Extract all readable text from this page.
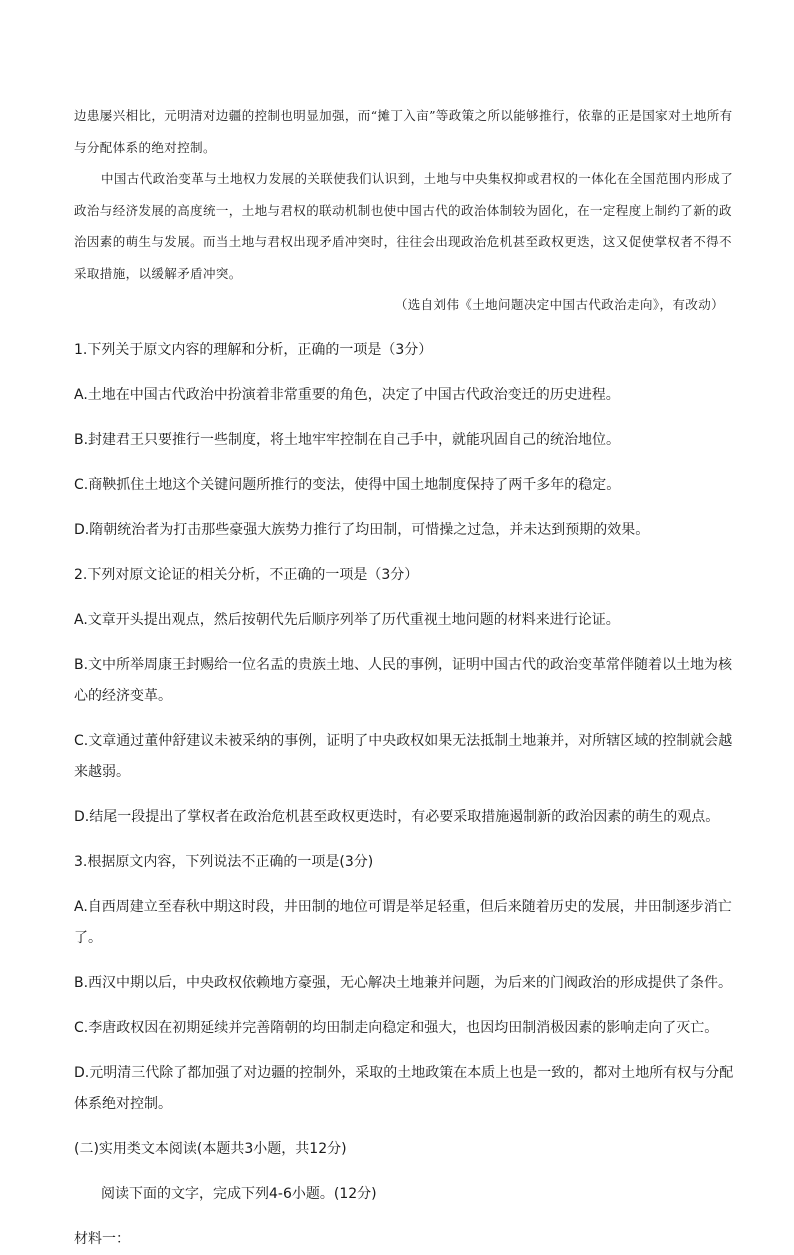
边患屡兴相比，元明清对边疆的控制也明显加强，而“摊丁入亩”等政策之所以能够推行，依靠的正是国家对土地所有与分配体系的绝对控制。

中国古代政治变革与土地权力发展的关联使我们认识到，土地与中央集权抑或君权的一体化在全国范围内形成了政治与经济发展的高度统一，土地与君权的联动机制也使中国古代的政治体制较为固化，在一定程度上制约了新的政治因素的萌生与发展。而当土地与君权出现矛盾冲突时，往往会出现政治危机甚至政权更迭，这又促使掌权者不得不采取措施，以缓解矛盾冲突。

（选自刘伟《土地问题决定中国古代政治走向》，有改动）

1.下列关于原文内容的理解和分析，正确的一项是（3分）

A.土地在中国古代政治中扮演着非常重要的角色，决定了中国古代政治变迁的历史进程。

B.封建君王只要推行一些制度，将土地牢牢控制在自己手中，就能巩固自己的统治地位。

C.商鞅抓住土地这个关键问题所推行的变法，使得中国土地制度保持了两千多年的稳定。

D.隋朝统治者为打击那些豪强大族势力推行了均田制，可惜操之过急，并未达到预期的效果。

2.下列对原文论证的相关分析，不正确的一项是（3分）

A.文章开头提出观点，然后按朝代先后顺序列举了历代重视土地问题的材料来进行论证。

B.文中所举周康王封赐给一位名盂的贵族土地、人民的事例，证明中国古代的政治变革常伴随着以土地为核心的经济变革。

C.文章通过董仲舒建议未被采纳的事例，证明了中央政权如果无法抵制土地兼并，对所辖区域的控制就会越来越弱。

D.结尾一段提出了掌权者在政治危机甚至政权更迭时，有必要采取措施遏制新的政治因素的萌生的观点。

3.根据原文内容，下列说法不正确的一项是(3分)

A.自西周建立至春秋中期这时段，井田制的地位可谓是举足轻重，但后来随着历史的发展，井田制逐步消亡了。

B.西汉中期以后，中央政权依赖地方豪强，无心解决土地兼并问题，为后来的门阀政治的形成提供了条件。

C.李唐政权因在初期延续并完善隋朝的均田制走向稳定和强大，也因均田制消极因素的影响走向了灭亡。

D.元明清三代除了都加强了对边疆的控制外，采取的土地政策在本质上也是一致的，都对土地所有权与分配体系绝对控制。

(二)实用类文本阅读(本题共3小题，共12分)

阅读下面的文字，完成下列4-6小题。(12分)

材料一：
